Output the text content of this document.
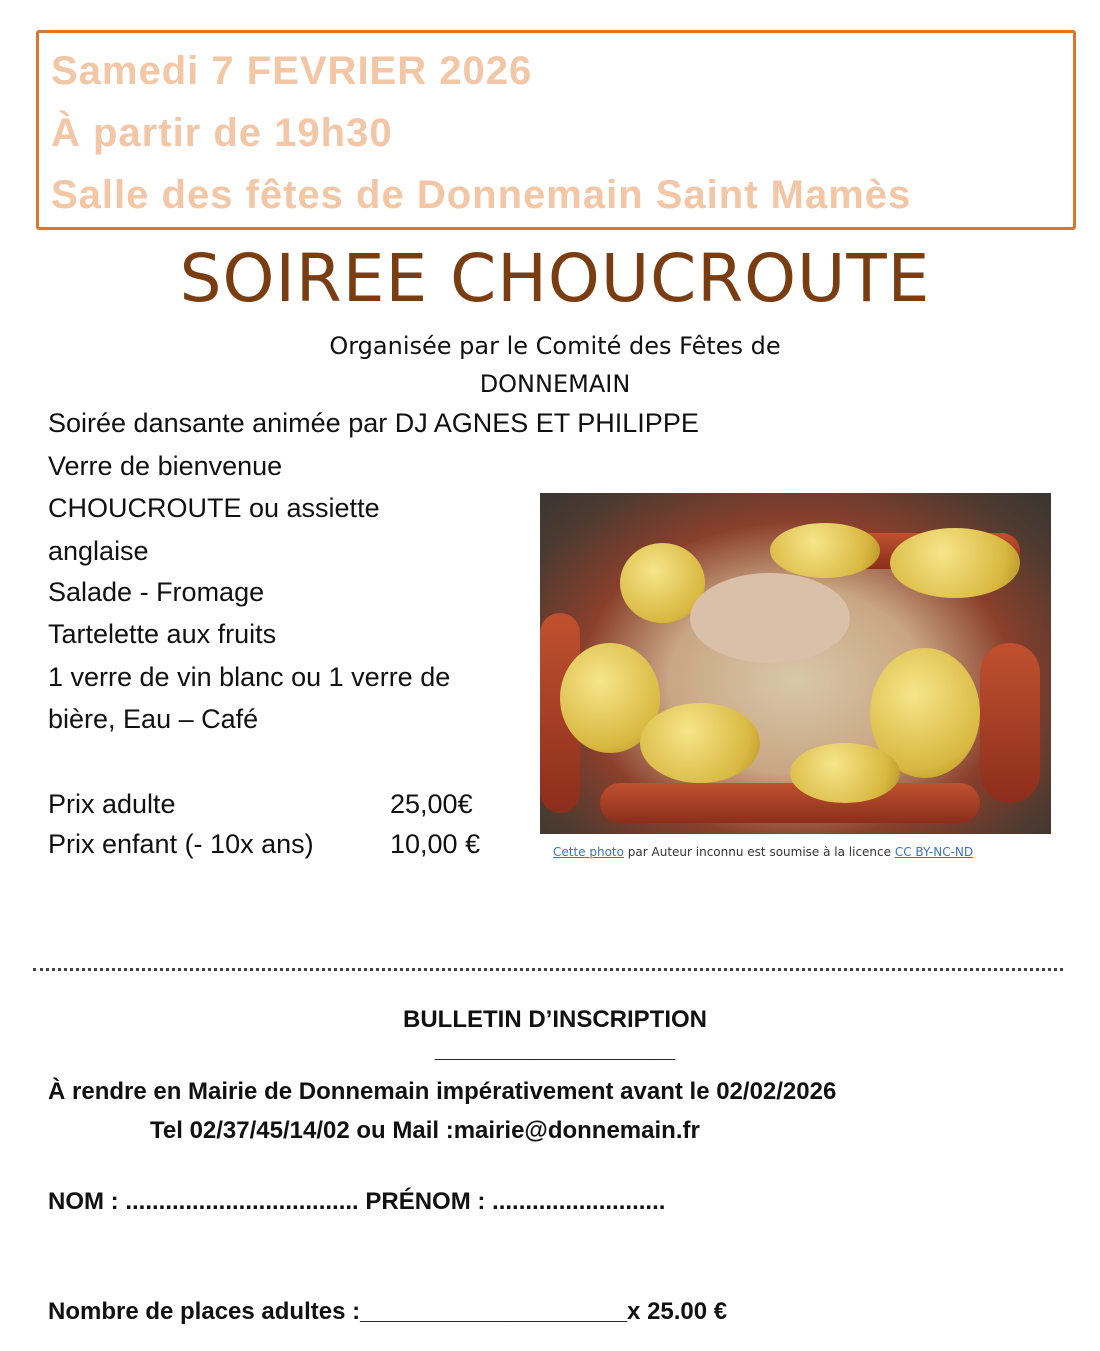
Samedi 7 FEVRIER 2026
À partir de 19h30
Salle des fêtes de Donnemain Saint Mamès
SOIREE CHOUCROUTE
Organisée par le Comité des Fêtes de
DONNEMAIN
Soirée dansante animée par DJ AGNES ET PHILIPPE
Verre de bienvenue
CHOUCROUTE ou assiette
anglaise
Salade - Fromage
Tartelette aux fruits
1 verre de vin blanc ou 1 verre de
bière, Eau – Café
Prix adulte	25,00€
Prix enfant (- 10x ans)	10,00 €	Cette photo par Auteur inconnu est soumise à la licence CC BY-NC-ND
BULLETIN D’INSCRIPTION
__________________
À rendre en Mairie de Donnemain impérativement avant le 02/02/2026
Tel 02/37/45/14/02 ou Mail :mairie@donnemain.fr
NOM : ................................... PRÉNOM : ..........................
Nombre de places adultes :____________________x 25.00 €
